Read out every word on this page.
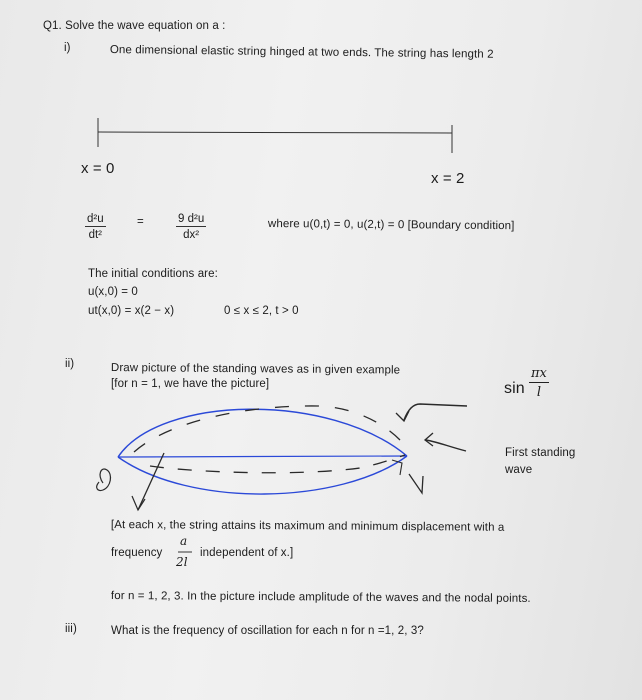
Q1. Solve the wave equation on a :
i)	One dimensional elastic string hinged at two ends. The string has length 2
x = 0
x = 2
$\frac{\text{d²u}}{\text{dt²}}$	=	$\frac{\text{9 d²u}}{\text{dx²}}$	where u(0,t) = 0, u(2,t) = 0 [Boundary condition]
The initial conditions are:
u(x,0) = 0
ut(x,0) = x(2 − x)	0 ≤ x ≤ 2, t > 0
ii)	Draw picture of the standing waves as in given example
[for n = 1, we have the picture]	$\sin \frac{\pi x}{l}$
First standing
wave
[At each x, the string attains its maximum and minimum displacement with a
frequency
a
2l
independent of x.]
for n = 1, 2, 3. In the picture include amplitude of the waves and the nodal points.
iii)	What is the frequency of oscillation for each n for n =1, 2, 3?
